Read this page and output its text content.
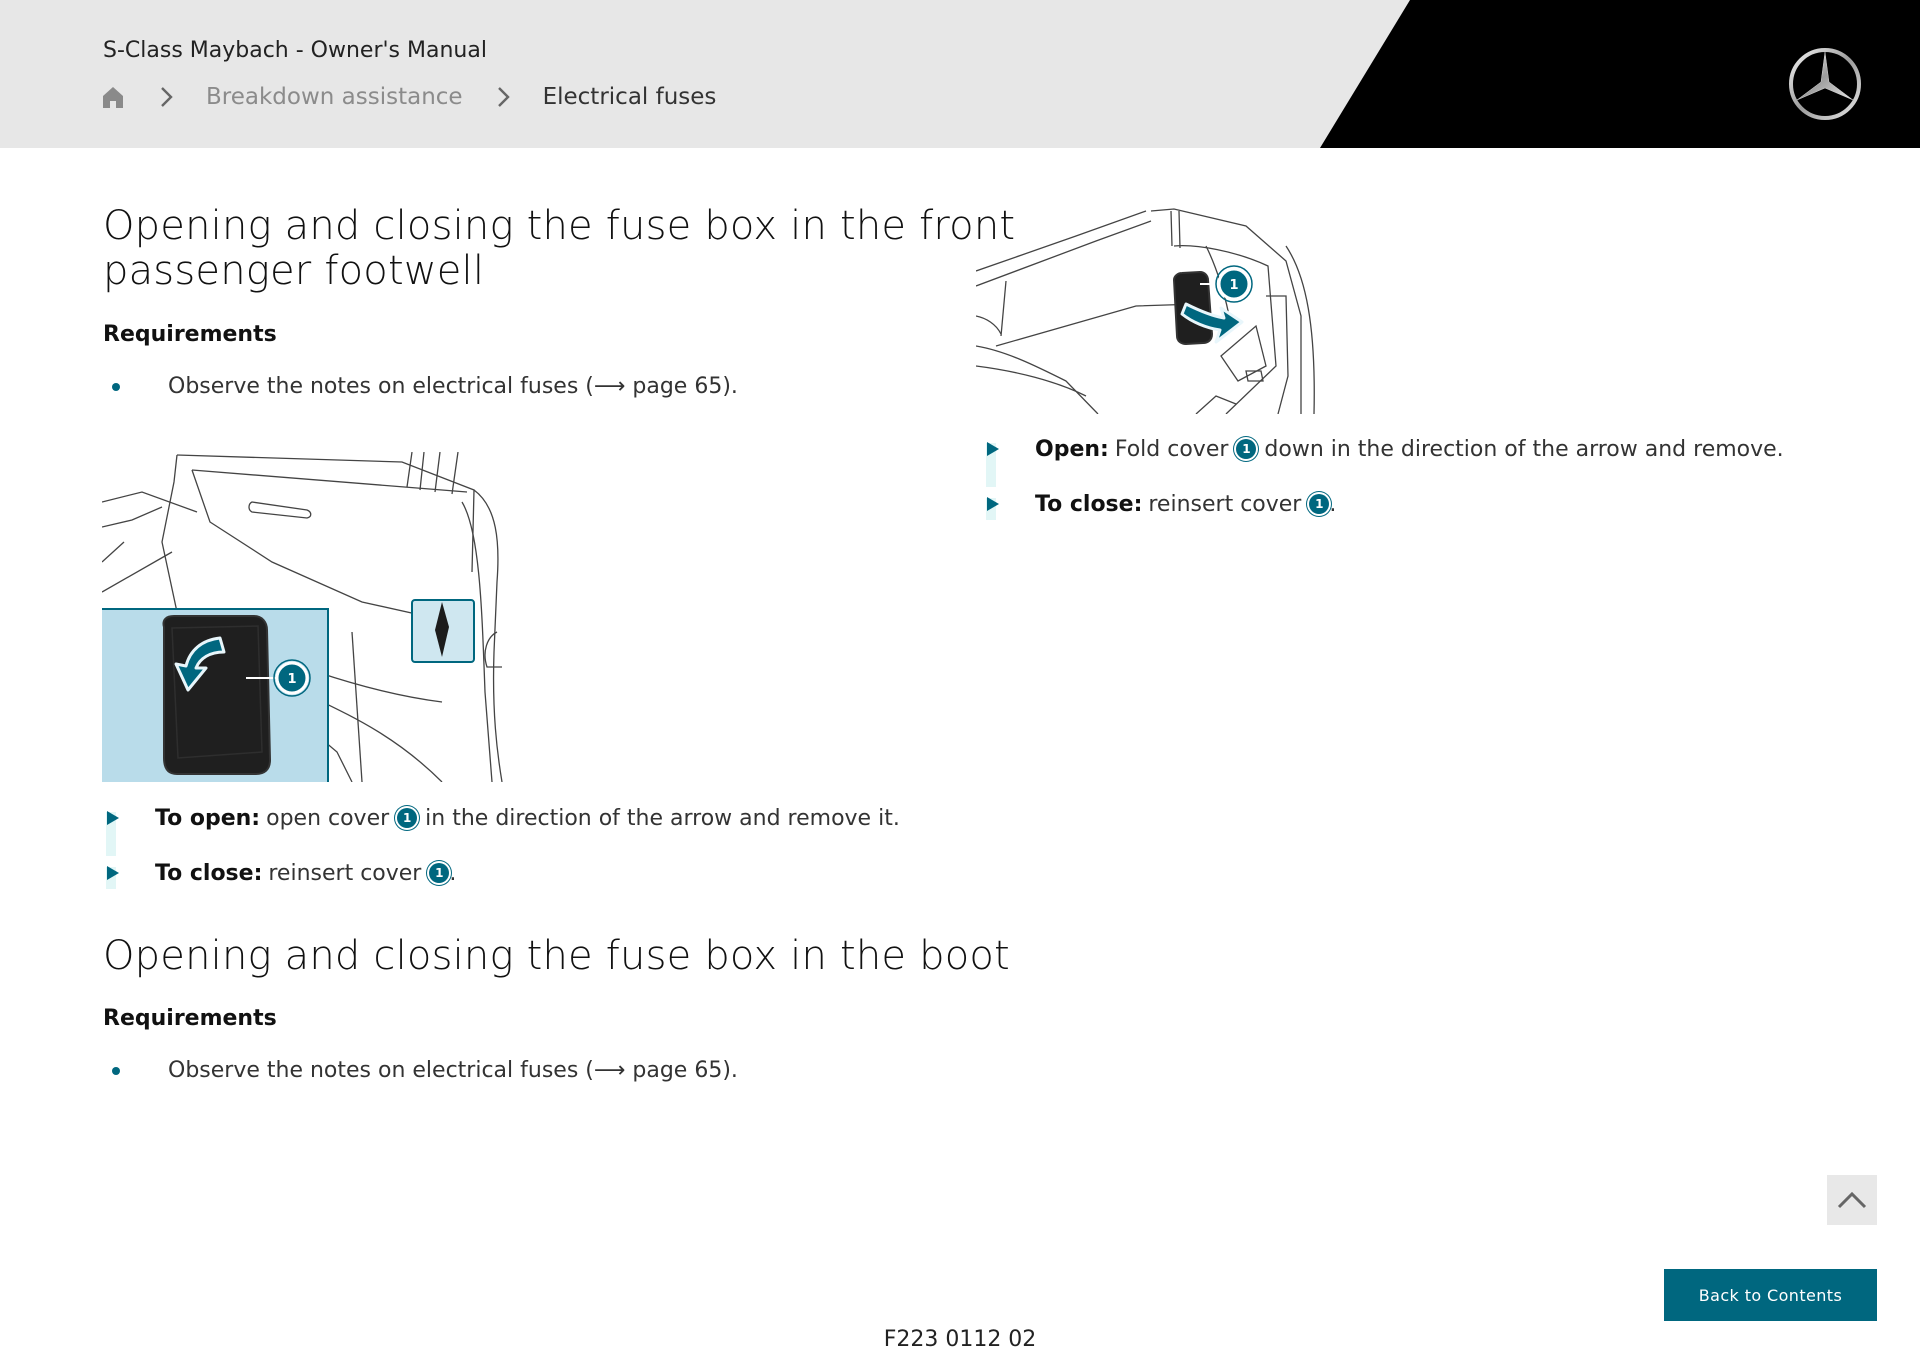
S-Class Maybach - Owner's Manual
Breakdown assistance	Electrical fuses
Opening and closing the fuse box in the front
passenger footwell
Requirements
Observe the notes on electrical fuses (⟶ page 65).
1
To open: open cover	1 in the direction of the arrow and remove it.
To close: reinsert cover	1 .
Opening and closing the fuse box in the boot
Requirements
Observe the notes on electrical fuses (⟶ page 65).
1
Open: Fold cover	1 down in the direction of the arrow and remove.
To close: reinsert cover	1 .
Back to Contents
F223 0112 02
